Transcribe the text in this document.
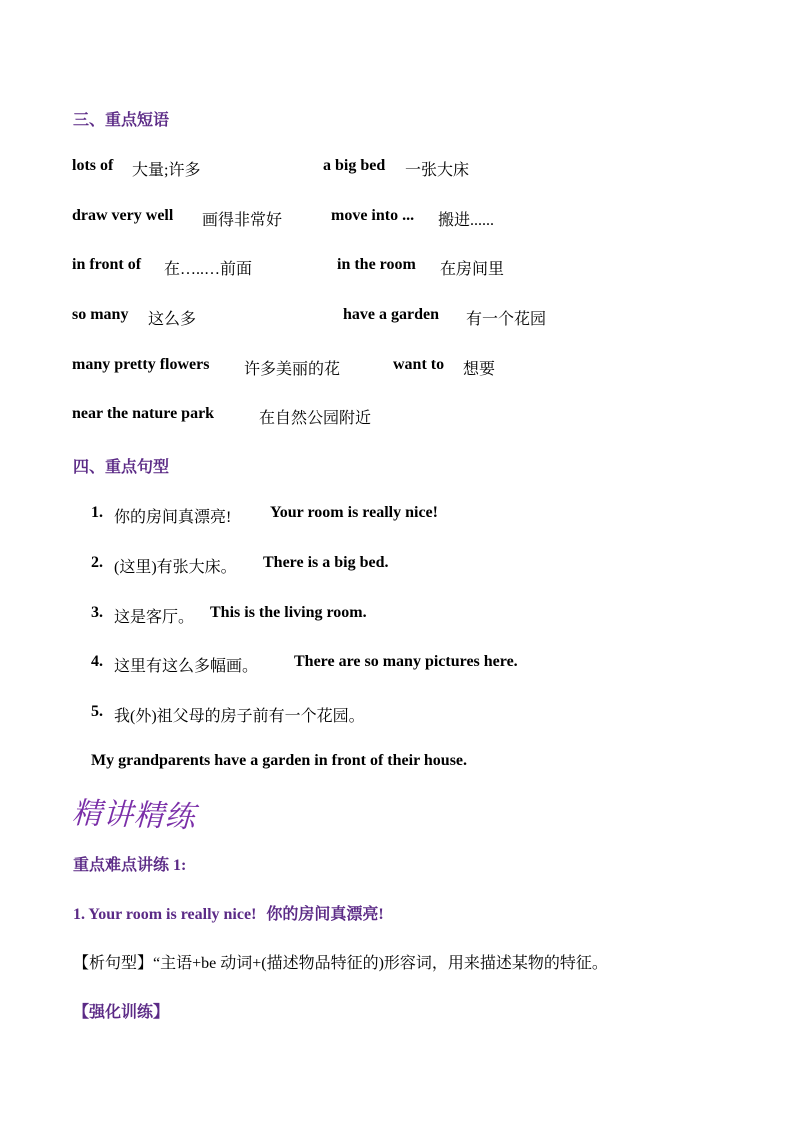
三、重点短语
lots of 大量;许多	a big bed 一张大床
draw very well 画得非常好	move into ... 搬进......
in front of 在…..…前面	in the room 在房间里
so many 这么多	have a garden 有一个花园
many pretty flowers 许多美丽的花	want to 想要
near the nature park	在自然公园附近
四、重点句型
1. 你的房间真漂亮! Your room is really nice!
2. (这里)有张大床。 There is a big bed.
3. 这是客厅。 This is the living room.
4. 这里有这么多幅画。 There are so many pictures here.
5. 我(外)祖父母的房子前有一个花园。
My grandparents have a garden in front of their house.
精讲精练
重点难点讲练 1:
1. Your room is really nice! 你的房间真漂亮!
【析句型】“主语+be 动词+(描述物品特征的)形容词，用来描述某物的特征。
【强化训练】
